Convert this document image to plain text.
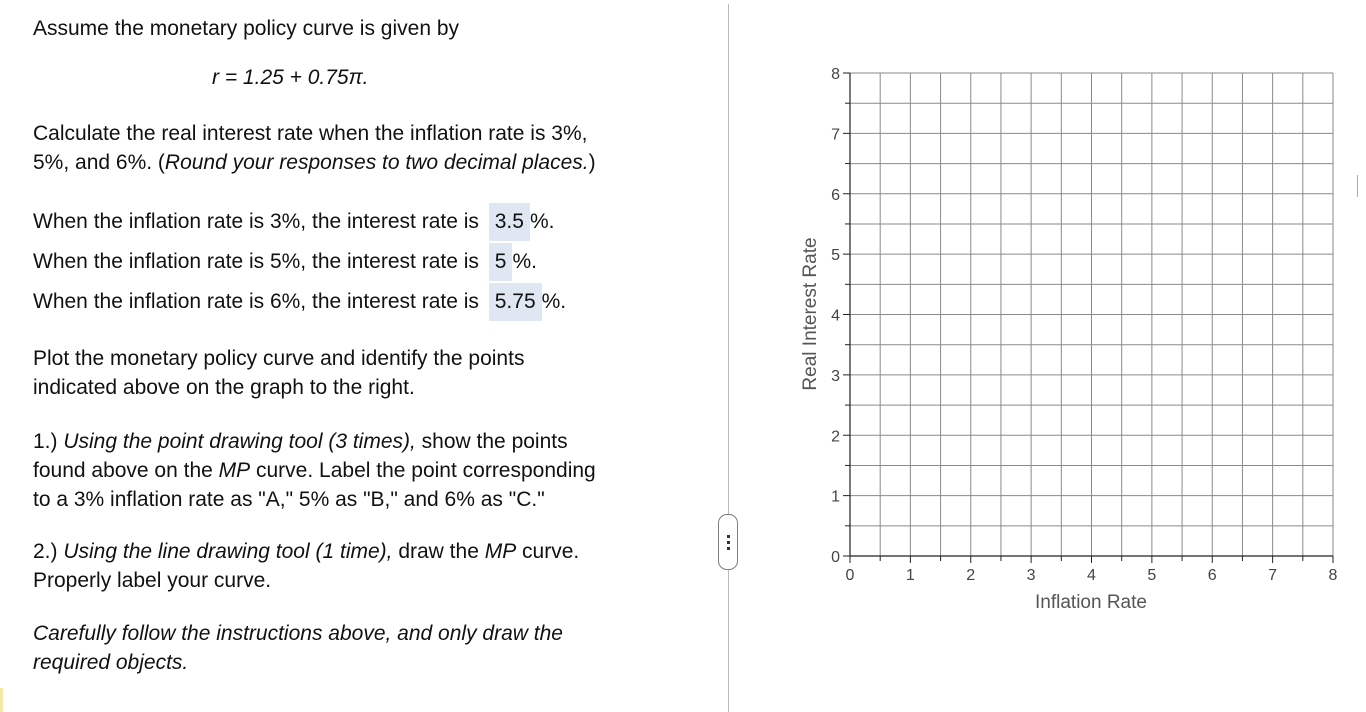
Assume the monetary policy curve is given by

r = 1.25 + 0.75π.

Calculate the real interest rate when the inflation rate is 3%,
5%, and 6%. (Round your responses to two decimal places.)

When the inflation rate is 3%, the interest rate is 3.5 %.
When the inflation rate is 5%, the interest rate is 5 %.
When the inflation rate is 6%, the interest rate is 5.75 %.

Plot the monetary policy curve and identify the points
indicated above on the graph to the right.

1.) Using the point drawing tool (3 times), show the points
found above on the MP curve. Label the point corresponding
to a 3% inflation rate as "A," 5% as "B," and 6% as "C."

2.) Using the line drawing tool (1 time), draw the MP curve.
Properly label your curve.

Carefully follow the instructions above, and only draw the
required objects.

0	1	2	3	4	5	6	7	8
0
1
2
3
4
5
6
7
8
Inflation Rate
Real Interest Rate
